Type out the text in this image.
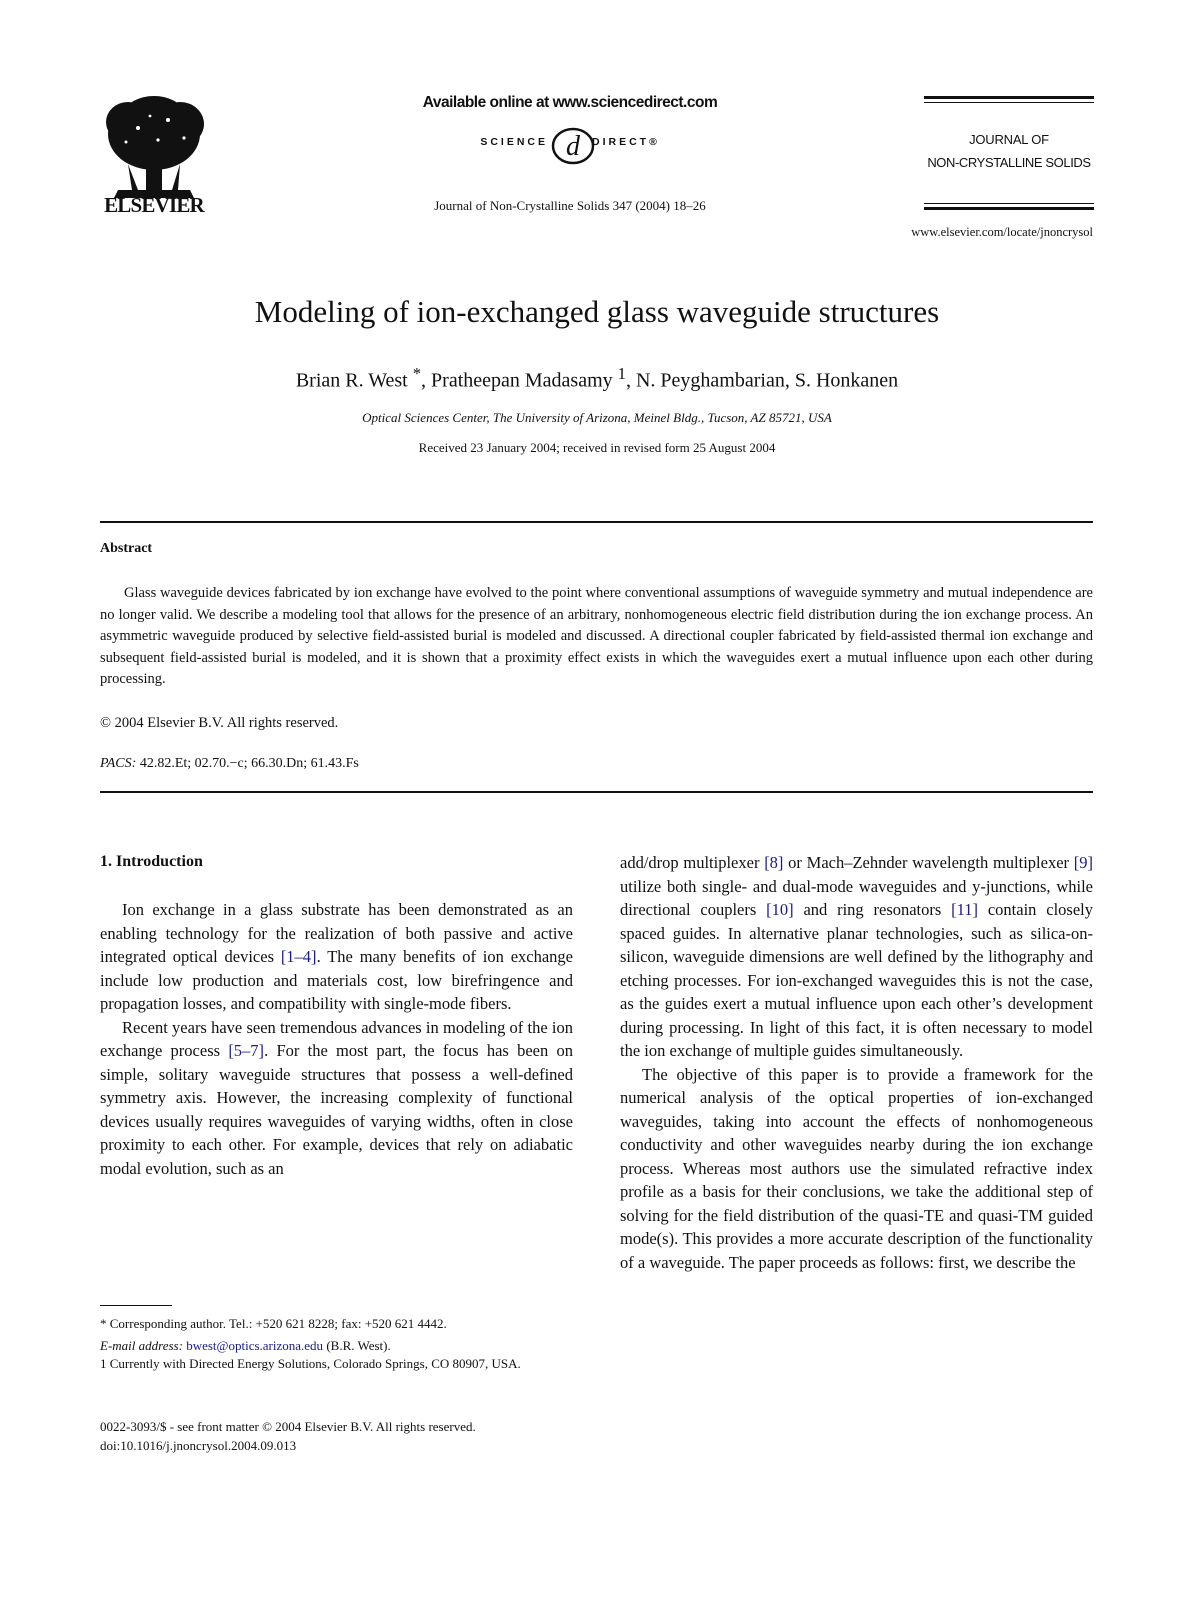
ELSEVIER
Available online at www.sciencedirect.com
d
SCIENCE	DIRECT®
Journal of Non-Crystalline Solids 347 (2004) 18–26
JOURNAL OF
NON-CRYSTALLINE SOLIDS
www.elsevier.com/locate/jnoncrysol
Modeling of ion-exchanged glass waveguide structures
Brian R. West *, Pratheepan Madasamy $^1$, N. Peyghambarian, S. Honkanen
Optical Sciences Center, The University of Arizona, Meinel Bldg., Tucson, AZ 85721, USA
Received 23 January 2004; received in revised form 25 August 2004
Abstract

Glass waveguide devices fabricated by ion exchange have evolved to the point where conventional assumptions of waveguide symmetry and mutual independence are no longer valid. We describe a modeling tool that allows for the presence of an arbitrary, nonhomogeneous electric field distribution during the ion exchange process. An asymmetric waveguide produced by selective field-assisted burial is modeled and discussed. A directional coupler fabricated by field-assisted thermal ion exchange and subsequent field-assisted burial is modeled, and it is shown that a proximity effect exists in which the waveguides exert a mutual influence upon each other during processing.

© 2004 Elsevier B.V. All rights reserved.
PACS: 42.82.Et; 02.70.−c; 66.30.Dn; 61.43.Fs
1. Introduction

Ion exchange in a glass substrate has been demonstrated as an enabling technology for the realization of both passive and active integrated optical devices [1–4]. The many benefits of ion exchange include low production and materials cost, low birefringence and propagation losses, and compatibility with single-mode fibers.

Recent years have seen tremendous advances in modeling of the ion exchange process [5–7]. For the most part, the focus has been on simple, solitary waveguide structures that possess a well-defined symmetry axis. However, the increasing complexity of functional devices usually requires waveguides of varying widths, often in close proximity to each other. For example, devices that rely on adiabatic modal evolution, such as an

add/drop multiplexer [8] or Mach–Zehnder wavelength multiplexer [9] utilize both single- and dual-mode waveguides and y-junctions, while directional couplers [10] and ring resonators [11] contain closely spaced guides. In alternative planar technologies, such as silica-on-silicon, waveguide dimensions are well defined by the lithography and etching processes. For ion-exchanged waveguides this is not the case, as the guides exert a mutual influence upon each other’s development during processing. In light of this fact, it is often necessary to model the ion exchange of multiple guides simultaneously.

The objective of this paper is to provide a framework for the numerical analysis of the optical properties of ion-exchanged waveguides, taking into account the effects of nonhomogeneous conductivity and other waveguides nearby during the ion exchange process. Whereas most authors use the simulated refractive index profile as a basis for their conclusions, we take the additional step of solving for the field distribution of the quasi-TE and quasi-TM guided mode(s). This provides a more accurate description of the functionality of a waveguide. The paper proceeds as follows: first, we describe the

* Corresponding author. Tel.: +520 621 8228; fax: +520 621 4442.
E-mail address: bwest@optics.arizona.edu (B.R. West).
1 Currently with Directed Energy Solutions, Colorado Springs, CO 80907, USA.
0022-3093/$ - see front matter © 2004 Elsevier B.V. All rights reserved.
doi:10.1016/j.jnoncrysol.2004.09.013
